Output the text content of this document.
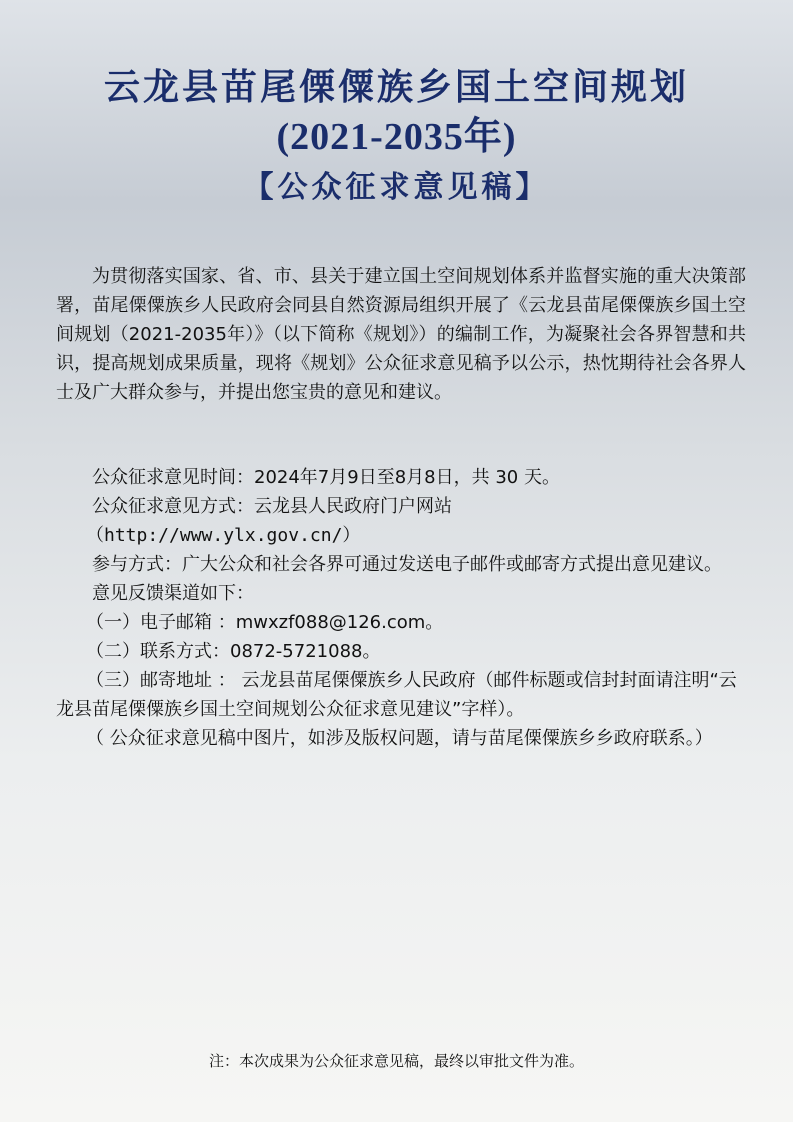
云龙县苗尾傈僳族乡国土空间规划
(2021-2035年)
【公众征求意见稿】

为贯彻落实国家、省、市、县关于建立国土空间规划体系并监督实施的重大决策部署，苗尾傈僳族乡人民政府会同县自然资源局组织开展了《云龙县苗尾傈僳族乡国土空间规划（2021-2035年）》（以下简称《规划》）的编制工作，为凝聚社会各界智慧和共识，提高规划成果质量，现将《规划》公众征求意见稿予以公示，热忱期待社会各界人士及广大群众参与，并提出您宝贵的意见和建议。

公众征求意见时间：2024年7月9日至8月8日，共 30 天。

公众征求意见方式：云龙县人民政府门户网站

（http://www.ylx.gov.cn/）

参与方式：广大公众和社会各界可通过发送电子邮件或邮寄方式提出意见建议。

意见反馈渠道如下：

（一）电子邮箱 ：mwxzf088@126.com。

（二）联系方式：0872-5721088。

（三）邮寄地址 ： 云龙县苗尾傈僳族乡人民政府（邮件标题或信封封面请注明“云龙县苗尾傈僳族乡国土空间规划公众征求意见建议”字样）。

（ 公众征求意见稿中图片，如涉及版权问题，请与苗尾傈僳族乡乡政府联系。）

注：本次成果为公众征求意见稿，最终以审批文件为准。
